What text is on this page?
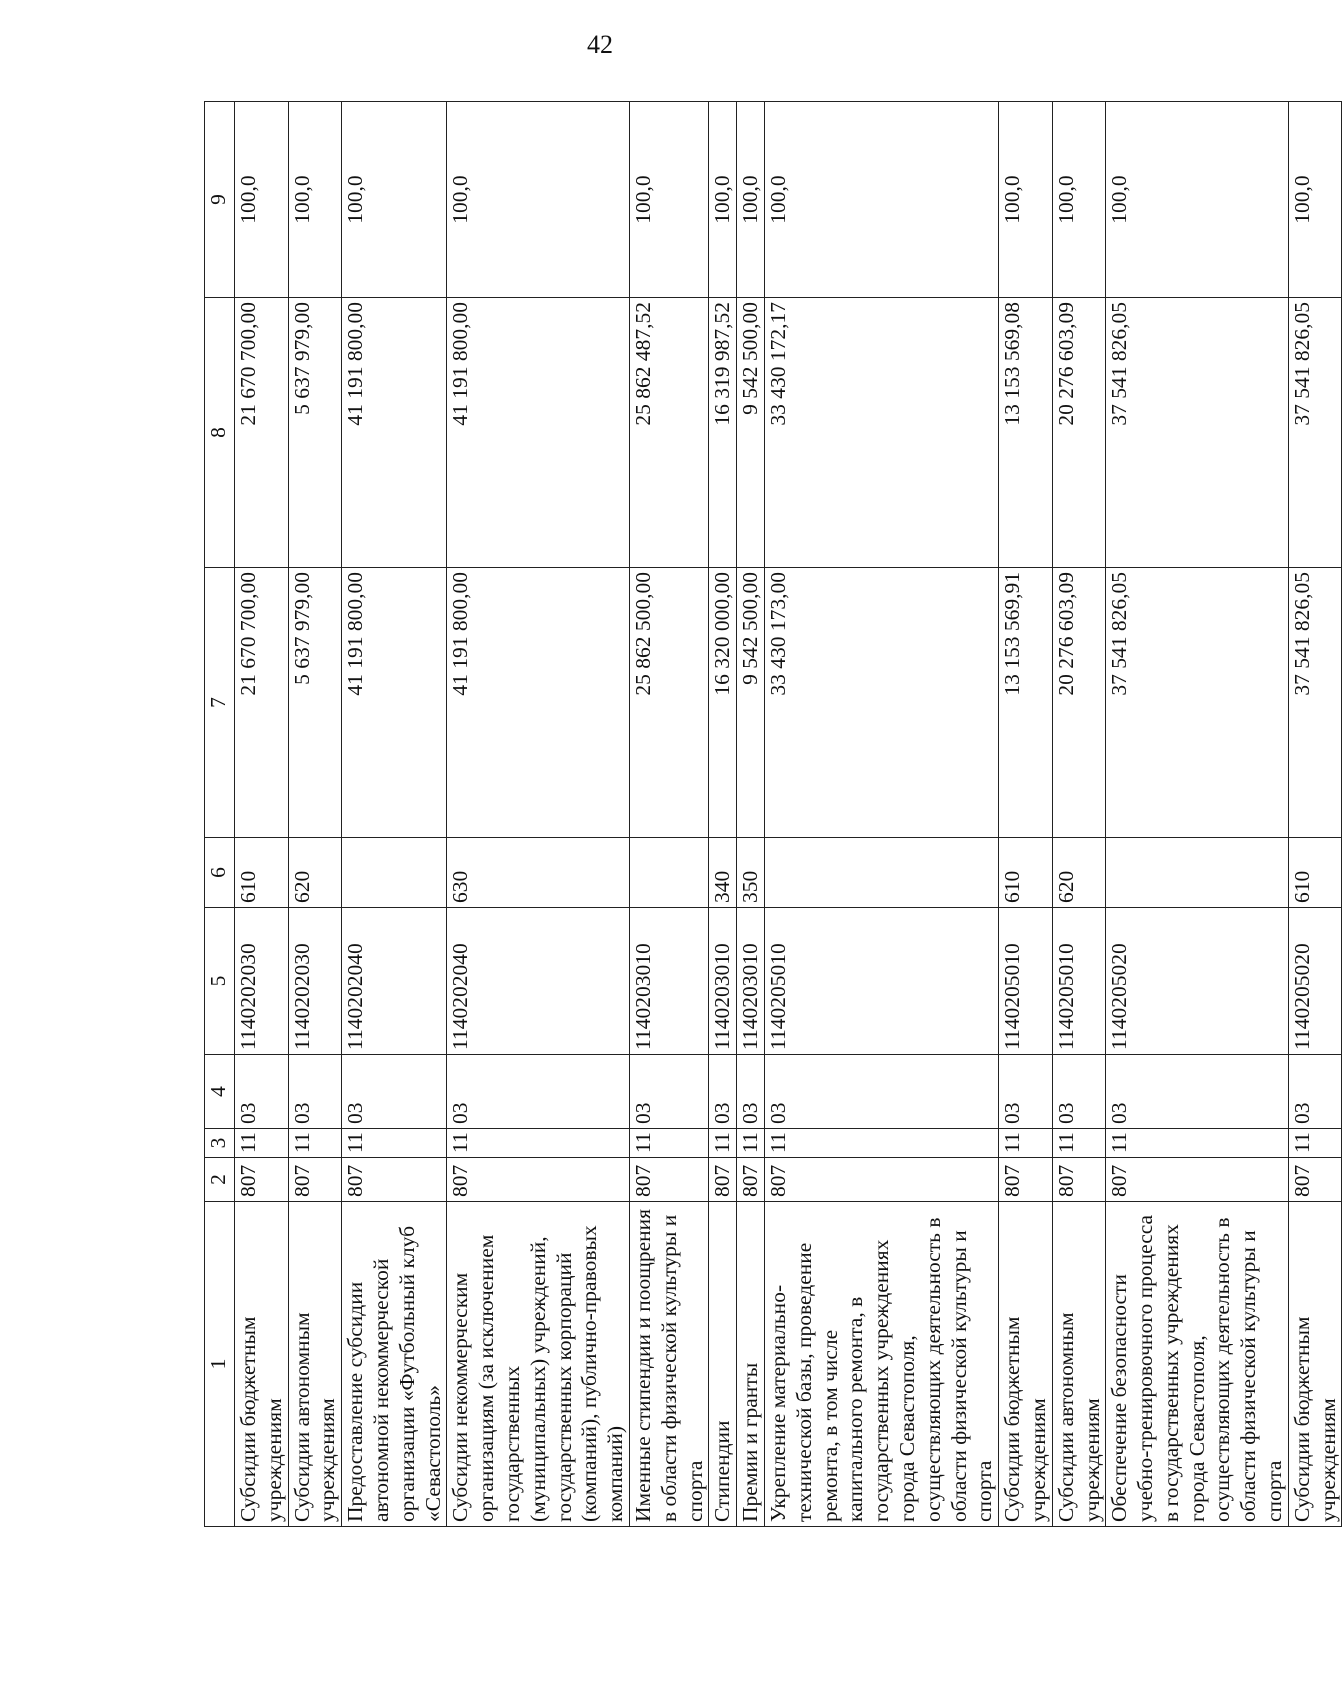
42
1	2	3	4	5	6	7	8	9
Субсидии бюджетным учреждениям	807	11	03	1140202030	610	21 670 700,00	21 670 700,00	100,0
Субсидии автономным учреждениям	807	11	03	1140202030	620	5 637 979,00	5 637 979,00	100,0
Предоставление субсидии автономной некоммерческой организации «Футбольный клуб «Севастополь»	807	11	03	1140202040		41 191 800,00	41 191 800,00	100,0
Субсидии некоммерческим организациям (за исключением государственных (муниципальных) учреждений, государственных корпораций (компаний), публично-правовых компаний)	807	11	03	1140202040	630	41 191 800,00	41 191 800,00	100,0
Именные стипендии и поощрения в области физической культуры и спорта	807	11	03	1140203010		25 862 500,00	25 862 487,52	100,0
Стипендии	807	11	03	1140203010	340	16 320 000,00	16 319 987,52	100,0
Премии и гранты	807	11	03	1140203010	350	9 542 500,00	9 542 500,00	100,0
Укрепление материально-технической базы, проведение ремонта, в том числе капитального ремонта, в государственных учреждениях города Севастополя, осуществляющих деятельность в области физической культуры и спорта	807	11	03	1140205010		33 430 173,00	33 430 172,17	100,0
Субсидии бюджетным учреждениям	807	11	03	1140205010	610	13 153 569,91	13 153 569,08	100,0
Субсидии автономным учреждениям	807	11	03	1140205010	620	20 276 603,09	20 276 603,09	100,0
Обеспечение безопасности учебно-тренировочного процесса в государственных учреждениях города Севастополя, осуществляющих деятельность в области физической культуры и спорта	807	11	03	1140205020		37 541 826,05	37 541 826,05	100,0
Субсидии бюджетным учреждениям	807	11	03	1140205020	610	37 541 826,05	37 541 826,05	100,0
